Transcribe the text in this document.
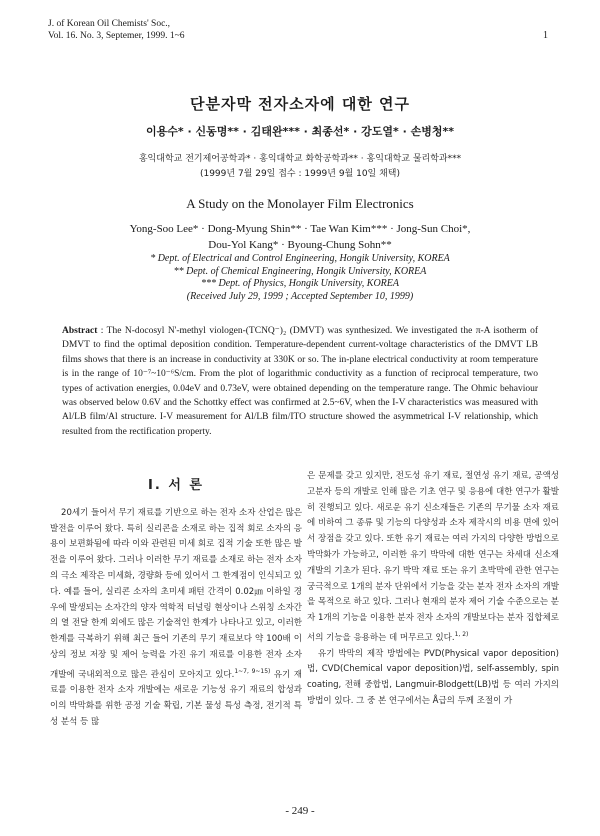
J. of Korean Oil Chemists' Soc.,
Vol. 16. No. 3, Septemer, 1999. 1~6	1
단분자막 전자소자에 대한 연구
이용수* · 신동명** · 김태완*** · 최종선* · 강도열* · 손병청**
홍익대학교 전기제어공학과* · 홍익대학교 화학공학과** · 홍익대학교 물리학과***
(1999년 7월 29일 접수 : 1999년 9월 10일 채택)
A Study on the Monolayer Film Electronics
Yong-Soo Lee* · Dong-Myung Shin** · Tae Wan Kim*** · Jong-Sun Choi*,
Dou-Yol Kang* · Byoung-Chung Sohn**
* Dept. of Electrical and Control Engineering, Hongik University, KOREA
** Dept. of Chemical Engineering, Hongik University, KOREA
*** Dept. of Physics, Hongik University, KOREA
(Received July 29, 1999 ; Accepted September 10, 1999)
Abstract : The N-docosyl N'-methyl viologen-(TCNQ⁻)₂ (DMVT) was synthesized. We investigated the π-A isotherm of DMVT to find the optimal deposition condition. Temperature-dependent current-voltage characteristics of the DMVT LB films shows that there is an increase in conductivity at 330K or so. The in-plane electrical conductivity at room temperature is in the range of 10⁻⁷~10⁻⁶S/cm. From the plot of logarithmic conductivity as a function of reciprocal temperature, two types of activation energies, 0.04eV and 0.73eV, were obtained depending on the temperature range. The Ohmic behaviour was observed below 0.6V and the Schottky effect was confirmed at 2.5~6V, when the I-V characteristics was measured with Al/LB film/Al structure. I-V measurement for Al/LB film/ITO structure showed the asymmetrical I-V relationship, which resulted from the rectification property.
Ⅰ. 서 론

20세기 들어서 무기 재료를 기반으로 하는 전자 소자 산업은 많은 발전을 이루어 왔다. 특히 실리콘을 소재로 하는 집적 회로 소자의 응용이 보편화됨에 따라 이와 관련된 미세 회로 집적 기술 또한 많은 발전을 이루어 왔다. 그러나 이러한 무기 재료를 소재로 하는 전자 소자의 극소 제작은 미세화, 경량화 등에 있어서 그 한계점이 인식되고 있다. 예를 들어, 실리콘 소자의 초미세 패턴 간격이 0.02㎛ 이하일 경우에 발생되는 소자간의 양자 역학적 터널링 현상이나 스위칭 소자간의 열 전달 한계 외에도 많은 기술적인 한계가 나타나고 있고, 이러한 한계를 극복하기 위해 최근 들어 기존의 무기 재료보다 약 100배 이상의 정보 저장 및 제어 능력을 가진 유기 재료를 이용한 전자 소자 개발에 국내외적으로 많은 관심이 모아지고 있다.$^{1\sim 7, 9\sim 15)}$ 유기 재료를 이용한 전자 소자 개발에는 새로운 기능성 유기 재료의 합성과 이의 박막화를 위한 공정 기술 확립, 기본 물성 특성 측정, 전기적 특성 분석 등 많

은 문제를 갖고 있지만, 전도성 유기 재료, 절연성 유기 재료, 공액성 고분자 등의 개발로 인해 많은 기초 연구 및 응용에 대한 연구가 활발히 진행되고 있다. 새로운 유기 신소재들은 기존의 무기물 소자 재료에 비하여 그 종류 및 기능의 다양성과 소자 제작시의 비용 면에 있어서 장점을 갖고 있다. 또한 유기 재료는 여러 가지의 다양한 방법으로 박막화가 가능하고, 이러한 유기 박막에 대한 연구는 차세대 신소재 개발의 기초가 된다. 유기 박막 재료 또는 유기 초박막에 관한 연구는 궁극적으로 1개의 분자 단위에서 기능을 갖는 분자 전자 소자의 개발을 목적으로 하고 있다. 그러나 현재의 분자 제어 기술 수준으로는 분자 1개의 기능을 이용한 분자 전자 소자의 개발보다는 분자 집합체로서의 기능을 응용하는 데 머무르고 있다.$^{1, 2)}$

유기 박막의 제작 방법에는 PVD(Physical vapor deposition)법, CVD(Chemical vapor deposition)법, self-assembly, spin coating, 전해 중합법, Langmuir-Blodgett(LB)법 등 여러 가지의 방법이 있다. 그 중 본 연구에서는 Å급의 두께 조절이 가

- 249 -
